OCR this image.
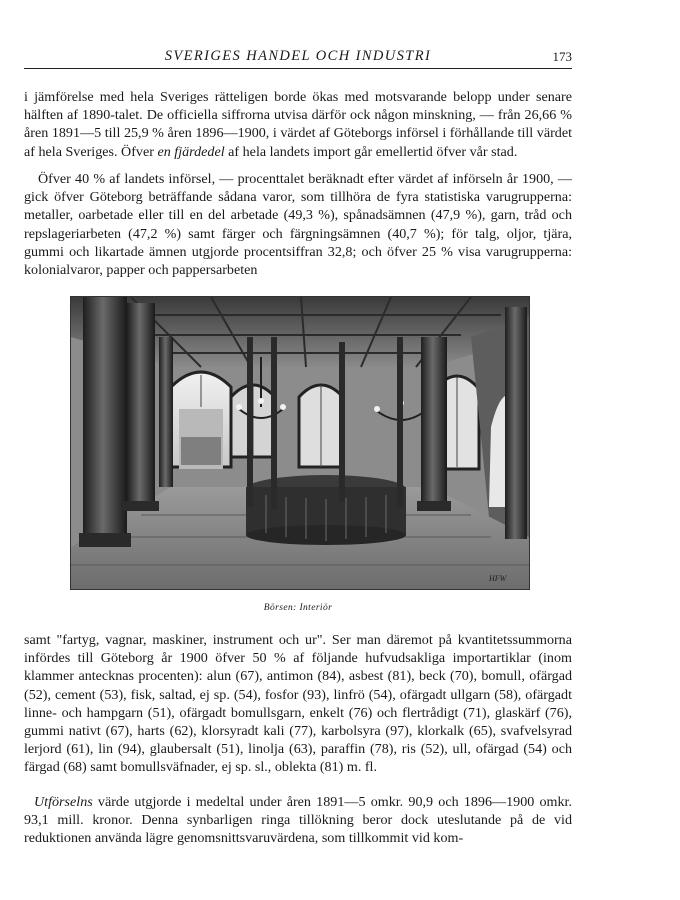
SVERIGES HANDEL OCH INDUSTRI	173

i jämförelse med hela Sveriges rätteligen borde ökas med motsvarande belopp under senare hälften af 1890-talet. De officiella siffrorna utvisa därför ock någon minskning, — från 26,66 % åren 1891—5 till 25,9 % åren 1896—1900, i värdet af Göteborgs införsel i förhållande till värdet af hela Sveriges. Öfver en fjärdedel af hela landets import går emellertid öfver vår stad.

Öfver 40 % af landets införsel, — procenttalet beräknadt efter värdet af införseln år 1900, — gick öfver Göteborg beträffande sådana varor, som tillhöra de fyra statistiska varugrupperna: metaller, oarbetade eller till en del arbetade (49,3 %), spånadsämnen (47,9 %), garn, tråd och repslageriarbeten (47,2 %) samt färger och färgningsämnen (40,7 %); för talg, oljor, tjära, gummi och likartade ämnen utgjorde procentsiffran 32,8; och öfver 25 % visa varugrupperna: kolonialvaror, papper och pappersarbeten

HFW
Börsen: Interiör

samt "fartyg, vagnar, maskiner, instrument och ur". Ser man däremot på kvantitetssummorna infördes till Göteborg år 1900 öfver 50 % af följande hufvudsakliga importartiklar (inom klammer antecknas procenten): alun (67), antimon (84), asbest (81), beck (70), bomull, ofärgad (52), cement (53), fisk, saltad, ej sp. (54), fosfor (93), linfrö (54), ofärgadt ullgarn (58), ofärgadt linne- och hampgarn (51), ofärgadt bomullsgarn, enkelt (76) och flertrådigt (71), glaskärf (76), gummi nativt (67), harts (62), klorsyradt kali (77), karbolsyra (97), klorkalk (65), svafvelsyrad lerjord (61), lin (94), glaubersalt (51), linolja (63), paraffin (78), ris (52), ull, ofärgad (54) och färgad (68) samt bomullsväfnader, ej sp. sl., oblekta (81) m. fl.

Utförselns värde utgjorde i medeltal under åren 1891—5 omkr. 90,9 och 1896—1900 omkr. 93,1 mill. kronor. Denna synbarligen ringa tillökning beror dock uteslutande på de vid reduktionen använda lägre genomsnittsvaruvärdena, som tillkommit vid kom-
